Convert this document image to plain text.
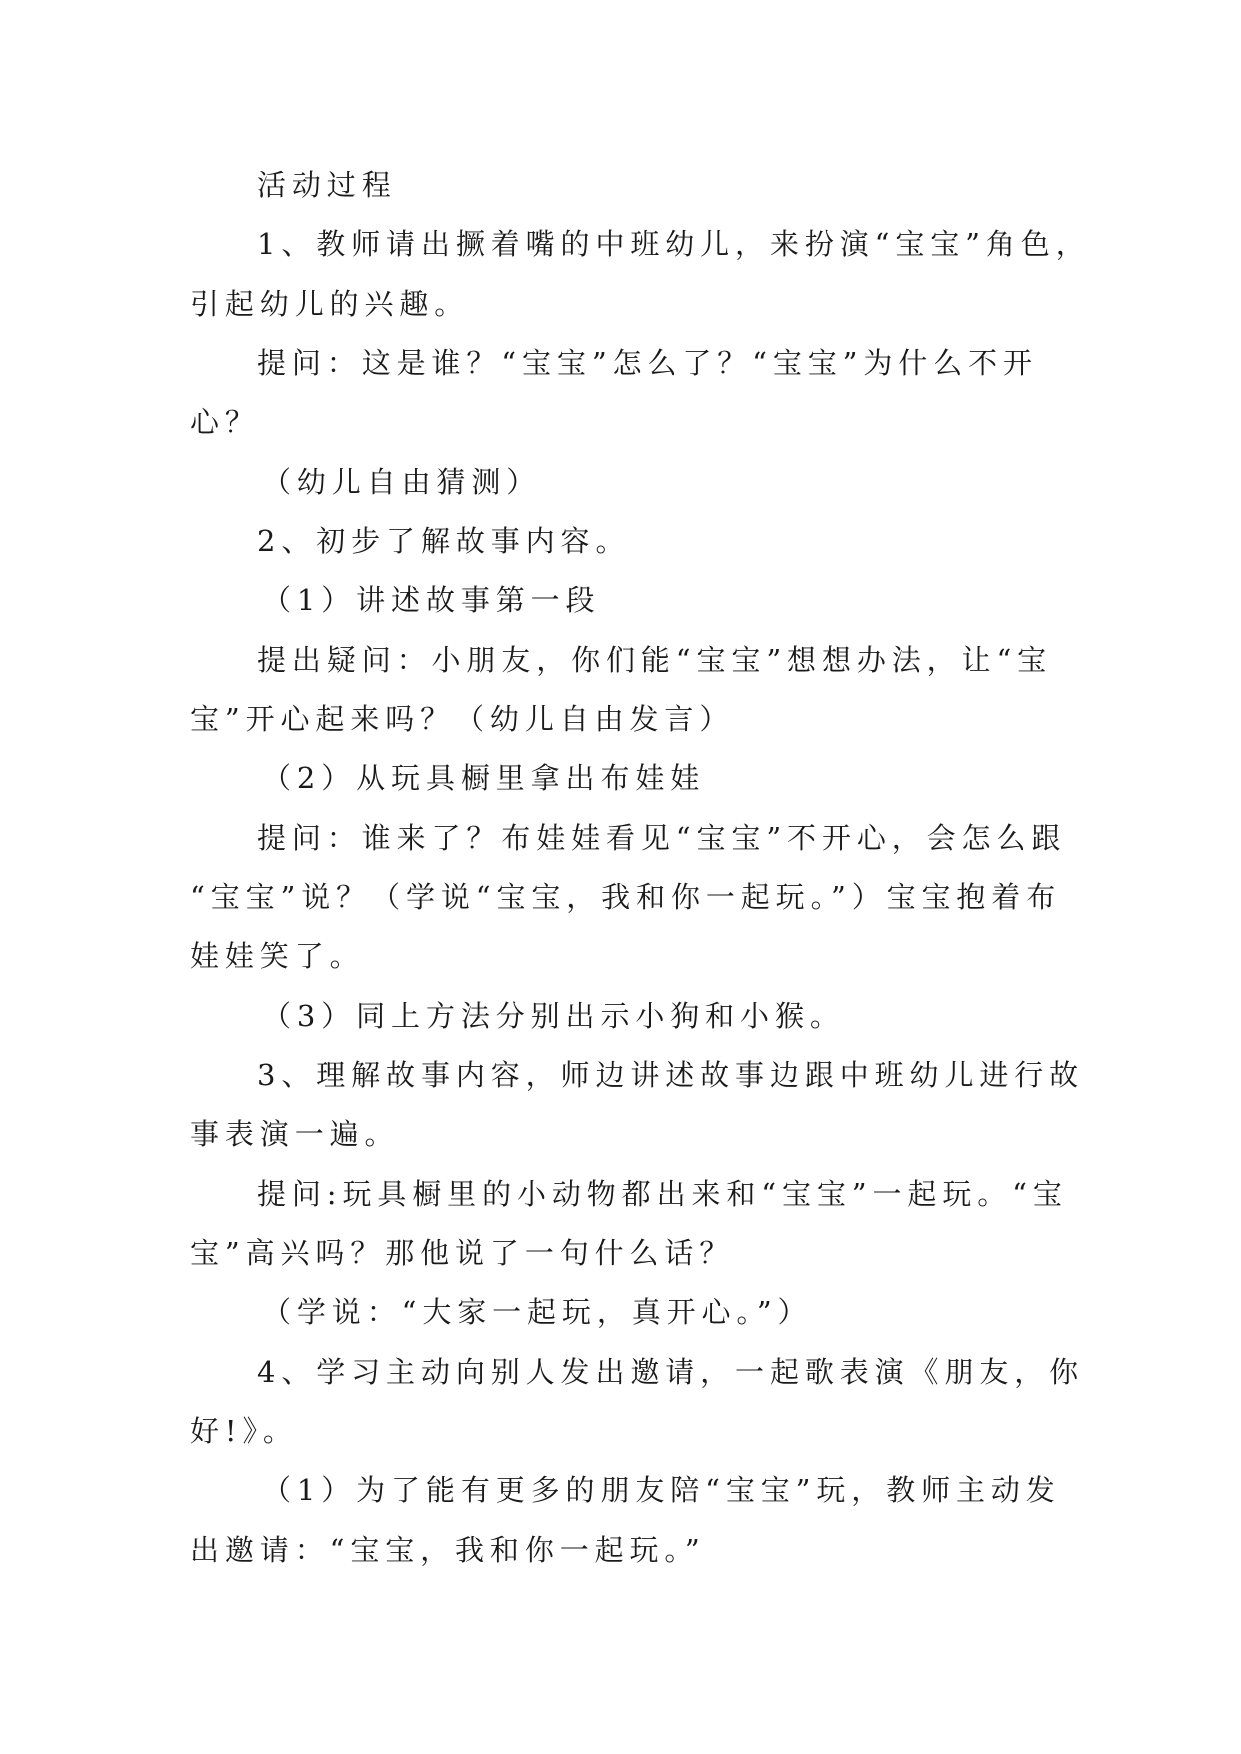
活动过程
1、教师请出撅着嘴的中班幼儿，来扮演“宝宝”角色，
引起幼儿的兴趣。
提问：这是谁？“宝宝”怎么了？“宝宝”为什么不开
心？
（幼儿自由猜测）
2、初步了解故事内容。
（1）讲述故事第一段
提出疑问：小朋友，你们能“宝宝”想想办法，让“宝
宝”开心起来吗？（幼儿自由发言）
（2）从玩具橱里拿出布娃娃
提问：谁来了？布娃娃看见“宝宝”不开心，会怎么跟
“宝宝”说？（学说“宝宝，我和你一起玩。”）宝宝抱着布
娃娃笑了。
（3）同上方法分别出示小狗和小猴。
3、理解故事内容，师边讲述故事边跟中班幼儿进行故
事表演一遍。
提问:玩具橱里的小动物都出来和“宝宝”一起玩。“宝
宝”高兴吗？那他说了一句什么话？
（学说：“大家一起玩，真开心。”）
4、学习主动向别人发出邀请，一起歌表演《朋友，你
好!》。
（1）为了能有更多的朋友陪“宝宝”玩，教师主动发
出邀请：“宝宝，我和你一起玩。”
